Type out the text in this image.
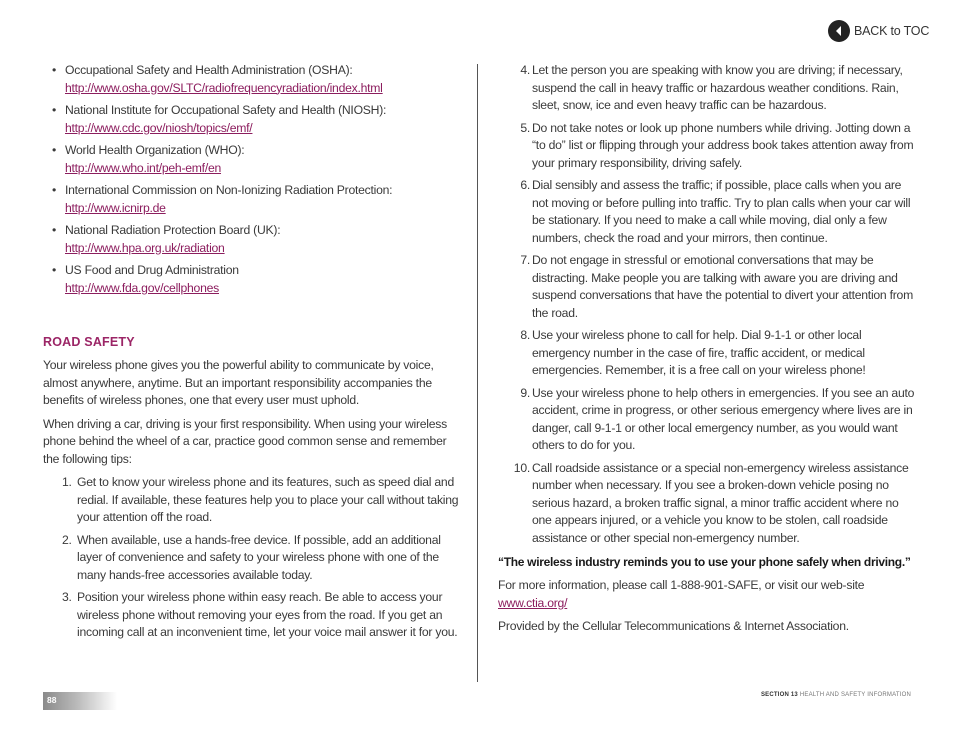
BACK to TOC
• Occupational Safety and Health Administration (OSHA):
http://www.osha.gov/SLTC/radiofrequencyradiation/index.html
• National Institute for Occupational Safety and Health (NIOSH):
http://www.cdc.gov/niosh/topics/emf/
• World Health Organization (WHO):
http://www.who.int/peh-emf/en
• International Commission on Non-Ionizing Radiation Protection:
http://www.icnirp.de
• National Radiation Protection Board (UK):
http://www.hpa.org.uk/radiation
• US Food and Drug Administration
http://www.fda.gov/cellphones
ROAD SAFETY

Your wireless phone gives you the powerful ability to communicate by voice, almost anywhere, anytime. But an important responsibility accompanies the benefits of wireless phones, one that every user must uphold.

When driving a car, driving is your first responsibility. When using your wireless phone behind the wheel of a car, practice good common sense and remember the following tips:

1. Get to know your wireless phone and its features, such as speed dial and redial. If available, these features help you to place your call without taking your attention off the road.
2. When available, use a hands-free device. If possible, add an additional layer of convenience and safety to your wireless phone with one of the many hands-free accessories available today.
3. Position your wireless phone within easy reach. Be able to access your wireless phone without removing your eyes from the road. If you get an incoming call at an inconvenient time, let your voice mail answer it for you.
4. Let the person you are speaking with know you are driving; if necessary, suspend the call in heavy traffic or hazardous weather conditions. Rain, sleet, snow, ice and even heavy traffic can be hazardous.
5. Do not take notes or look up phone numbers while driving. Jotting down a “to do” list or flipping through your address book takes attention away from your primary responsibility, driving safely.
6. Dial sensibly and assess the traffic; if possible, place calls when you are not moving or before pulling into traffic. Try to plan calls when your car will be stationary. If you need to make a call while moving, dial only a few numbers, check the road and your mirrors, then continue.
7. Do not engage in stressful or emotional conversations that may be distracting. Make people you are talking with aware you are driving and suspend conversations that have the potential to divert your attention from the road.
8. Use your wireless phone to call for help. Dial 9-1-1 or other local emergency number in the case of fire, traffic accident, or medical emergencies. Remember, it is a free call on your wireless phone!
9. Use your wireless phone to help others in emergencies. If you see an auto accident, crime in progress, or other serious emergency where lives are in danger, call 9-1-1 or other local emergency number, as you would want others to do for you.
10. Call roadside assistance or a special non-emergency wireless assistance number when necessary. If you see a broken-down vehicle posing no serious hazard, a broken traffic signal, a minor traffic accident where no one appears injured, or a vehicle you know to be stolen, call roadside assistance or other special non-emergency number.
“The wireless industry reminds you to use your phone safely when driving.”

For more information, please call 1-888-901-SAFE, or visit our web-site
www.ctia.org/

Provided by the Cellular Telecommunications & Internet Association.

88	SECTION 13 HEALTH AND SAFETY INFORMATION
